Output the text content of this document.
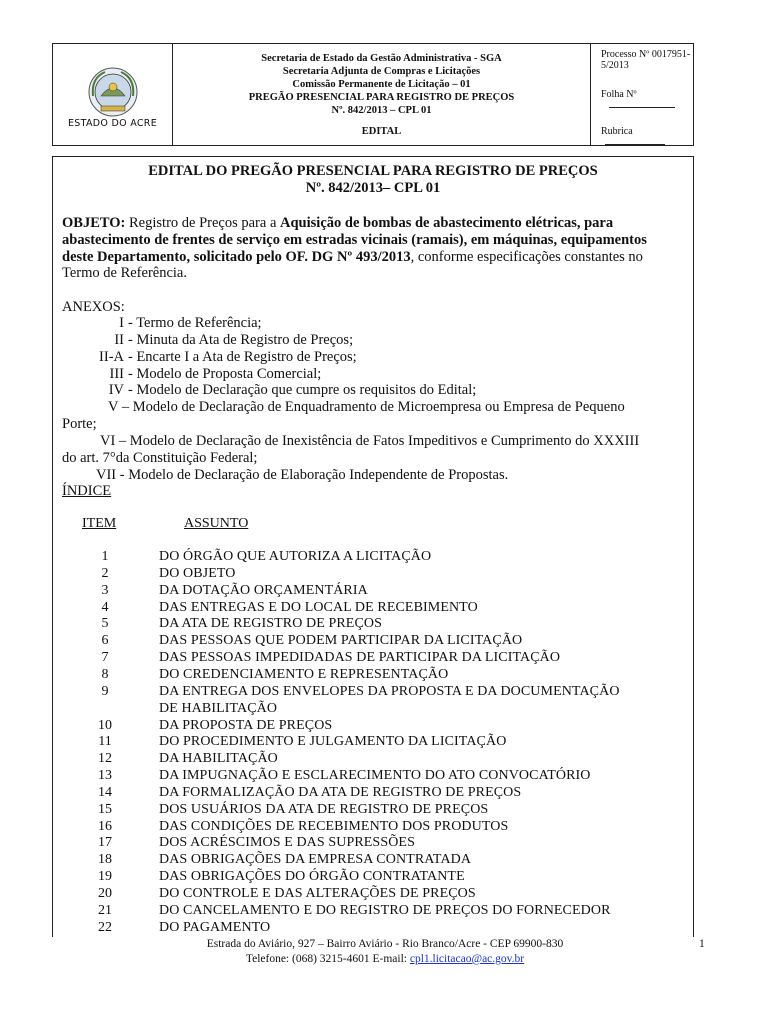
ESTADO DO ACRE
Secretaria de Estado da Gestão Administrativa - SGA
Secretaria Adjunta de Compras e Licitações
Comissão Permanente de Licitação – 01
PREGÃO PRESENCIAL PARA REGISTRO DE PREÇOS
Nº. 842/2013 – CPL 01
EDITAL
Processo Nº 0017951-5/2013
Folha Nº
Rubrica
EDITAL DO PREGÃO PRESENCIAL PARA REGISTRO DE PREÇOS
Nº. 842/2013– CPL 01
OBJETO: Registro de Preços para a Aquisição de bombas de abastecimento elétricas, para
abastecimento de frentes de serviço em estradas vicinais (ramais), em máquinas, equipamentos
deste Departamento, solicitado pelo OF. DG Nº 493/2013, conforme especificações constantes no
Termo de Referência.
ANEXOS:
I - Termo de Referência;
II - Minuta da Ata de Registro de Preços;
II-A - Encarte I a Ata de Registro de Preços;
III - Modelo de Proposta Comercial;
IV - Modelo de Declaração que cumpre os requisitos do Edital;
V – Modelo de Declaração de Enquadramento de Microempresa ou Empresa de Pequeno
Porte;
VI – Modelo de Declaração de Inexistência de Fatos Impeditivos e Cumprimento do XXXIII
do art. 7°da Constituição Federal;
VII - Modelo de Declaração de Elaboração Independente de Propostas.
ÍNDICE
ITEM	ASSUNTO
1	DO ÓRGÃO QUE AUTORIZA A LICITAÇÃO
2	DO OBJETO
3	DA DOTAÇÃO ORÇAMENTÁRIA
4	DAS ENTREGAS E DO LOCAL DE RECEBIMENTO
5	DA ATA DE REGISTRO DE PREÇOS
6	DAS PESSOAS QUE PODEM PARTICIPAR DA LICITAÇÃO
7	DAS PESSOAS IMPEDIDADAS DE PARTICIPAR DA LICITAÇÃO
8	DO CREDENCIAMENTO E REPRESENTAÇÃO
9	DA ENTREGA DOS ENVELOPES DA PROPOSTA E DA DOCUMENTAÇÃO
DE HABILITAÇÃO
10	DA PROPOSTA DE PREÇOS
11	DO PROCEDIMENTO E JULGAMENTO DA LICITAÇÃO
12	DA HABILITAÇÃO
13	DA IMPUGNAÇÃO E ESCLARECIMENTO DO ATO CONVOCATÓRIO
14	DA FORMALIZAÇÃO DA ATA DE REGISTRO DE PREÇOS
15	DOS USUÁRIOS DA ATA DE REGISTRO DE PREÇOS
16	DAS CONDIÇÕES DE RECEBIMENTO DOS PRODUTOS
17	DOS ACRÉSCIMOS E DAS SUPRESSÕES
18	DAS OBRIGAÇÕES DA EMPRESA CONTRATADA
19	DAS OBRIGAÇÕES DO ÓRGÃO CONTRATANTE
20	DO CONTROLE E DAS ALTERAÇÕES DE PREÇOS
21	DO CANCELAMENTO E DO REGISTRO DE PREÇOS DO FORNECEDOR
22	DO PAGAMENTO
Estrada do Aviário, 927 – Bairro Aviário - Rio Branco/Acre - CEP 69900-830
Telefone: (068) 3215-4601 E-mail: cpl1.licitacao@ac.gov.br
1
